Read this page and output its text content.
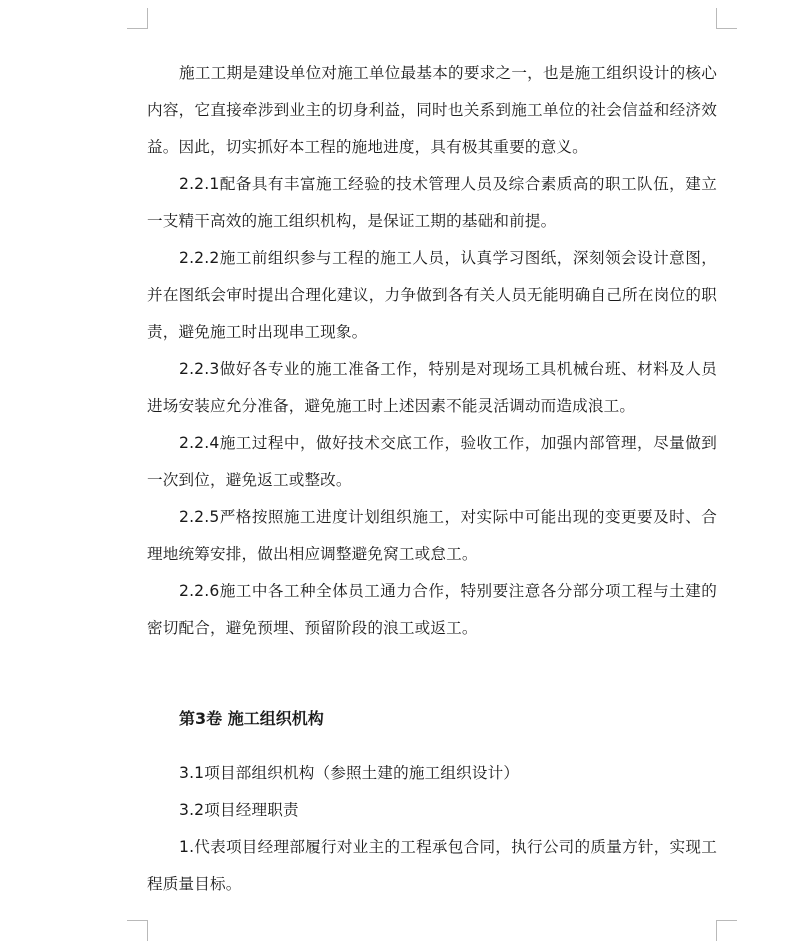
施工工期是建设单位对施工单位最基本的要求之一，也是施工组织设计的核心内容，它直接牵涉到业主的切身利益，同时也关系到施工单位的社会信益和经济效益。因此，切实抓好本工程的施地进度，具有极其重要的意义。

2.2.1配备具有丰富施工经验的技术管理人员及综合素质高的职工队伍，建立一支精干高效的施工组织机构，是保证工期的基础和前提。

2.2.2施工前组织参与工程的施工人员，认真学习图纸，深刻领会设计意图，并在图纸会审时提出合理化建议，力争做到各有关人员无能明确自己所在岗位的职责，避免施工时出现串工现象。

2.2.3做好各专业的施工准备工作，特别是对现场工具机械台班、材料及人员进场安装应允分准备，避免施工时上述因素不能灵活调动而造成浪工。

2.2.4施工过程中，做好技术交底工作，验收工作，加强内部管理，尽量做到一次到位，避免返工或整改。

2.2.5严格按照施工进度计划组织施工，对实际中可能出现的变更要及时、合理地统筹安排，做出相应调整避免窝工或怠工。

2.2.6施工中各工种全体员工通力合作，特别要注意各分部分项工程与土建的密切配合，避免预埋、预留阶段的浪工或返工。

第3卷 施工组织机构

3.1项目部组织机构（参照土建的施工组织设计）

3.2项目经理职责

1.代表项目经理部履行对业主的工程承包合同，执行公司的质量方针，实现工程质量目标。
